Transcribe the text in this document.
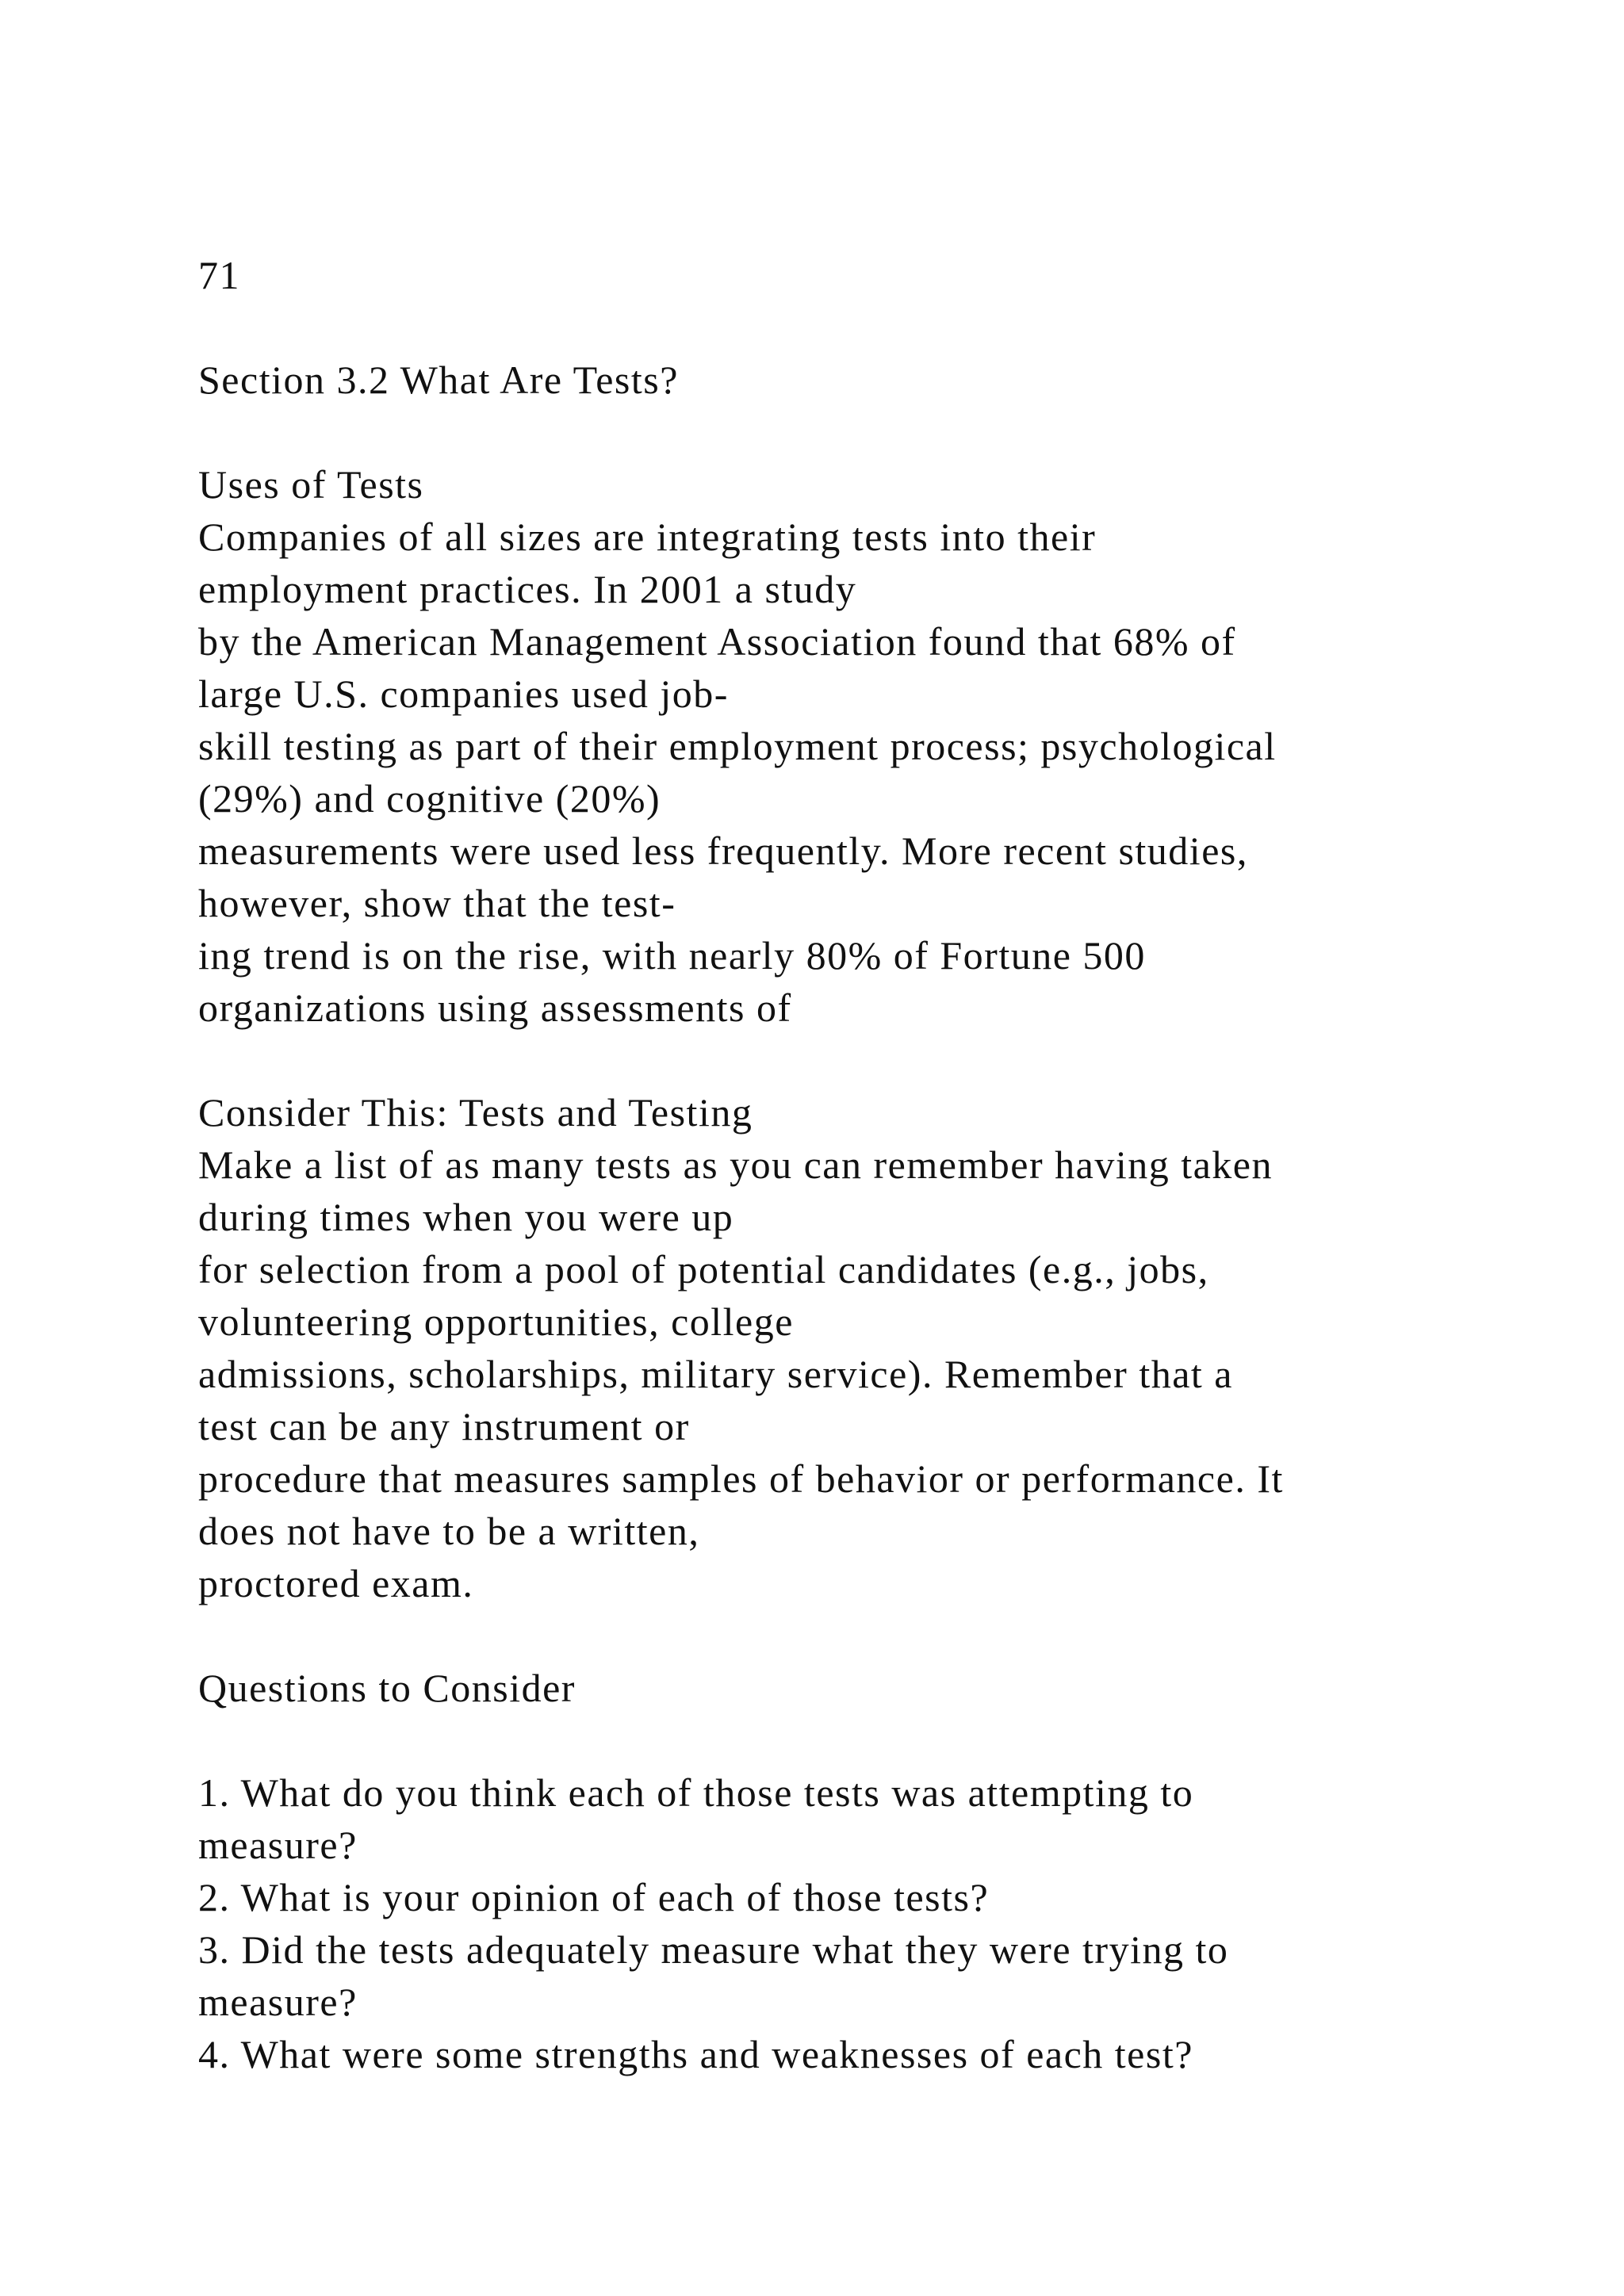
71
Section 3.2 What Are Tests?
Uses of Tests
Companies of all sizes are integrating tests into their
employment practices. In 2001 a study
by the American Management Association found that 68% of
large U.S. companies used job-
skill testing as part of their employment process; psychological
(29%) and cognitive (20%)
measurements were used less frequently. More recent studies,
however, show that the test-
ing trend is on the rise, with nearly 80% of Fortune 500
organizations using assessments of
Consider This: Tests and Testing
Make a list of as many tests as you can remember having taken
during times when you were up
for selection from a pool of potential candidates (e.g., jobs,
volunteering opportunities, college
admissions, scholarships, military service). Remember that a
test can be any instrument or
procedure that measures samples of behavior or performance. It
does not have to be a written,
proctored exam.
Questions to Consider
1. What do you think each of those tests was attempting to
measure?
2. What is your opinion of each of those tests?
3. Did the tests adequately measure what they were trying to
measure?
4. What were some strengths and weaknesses of each test?
